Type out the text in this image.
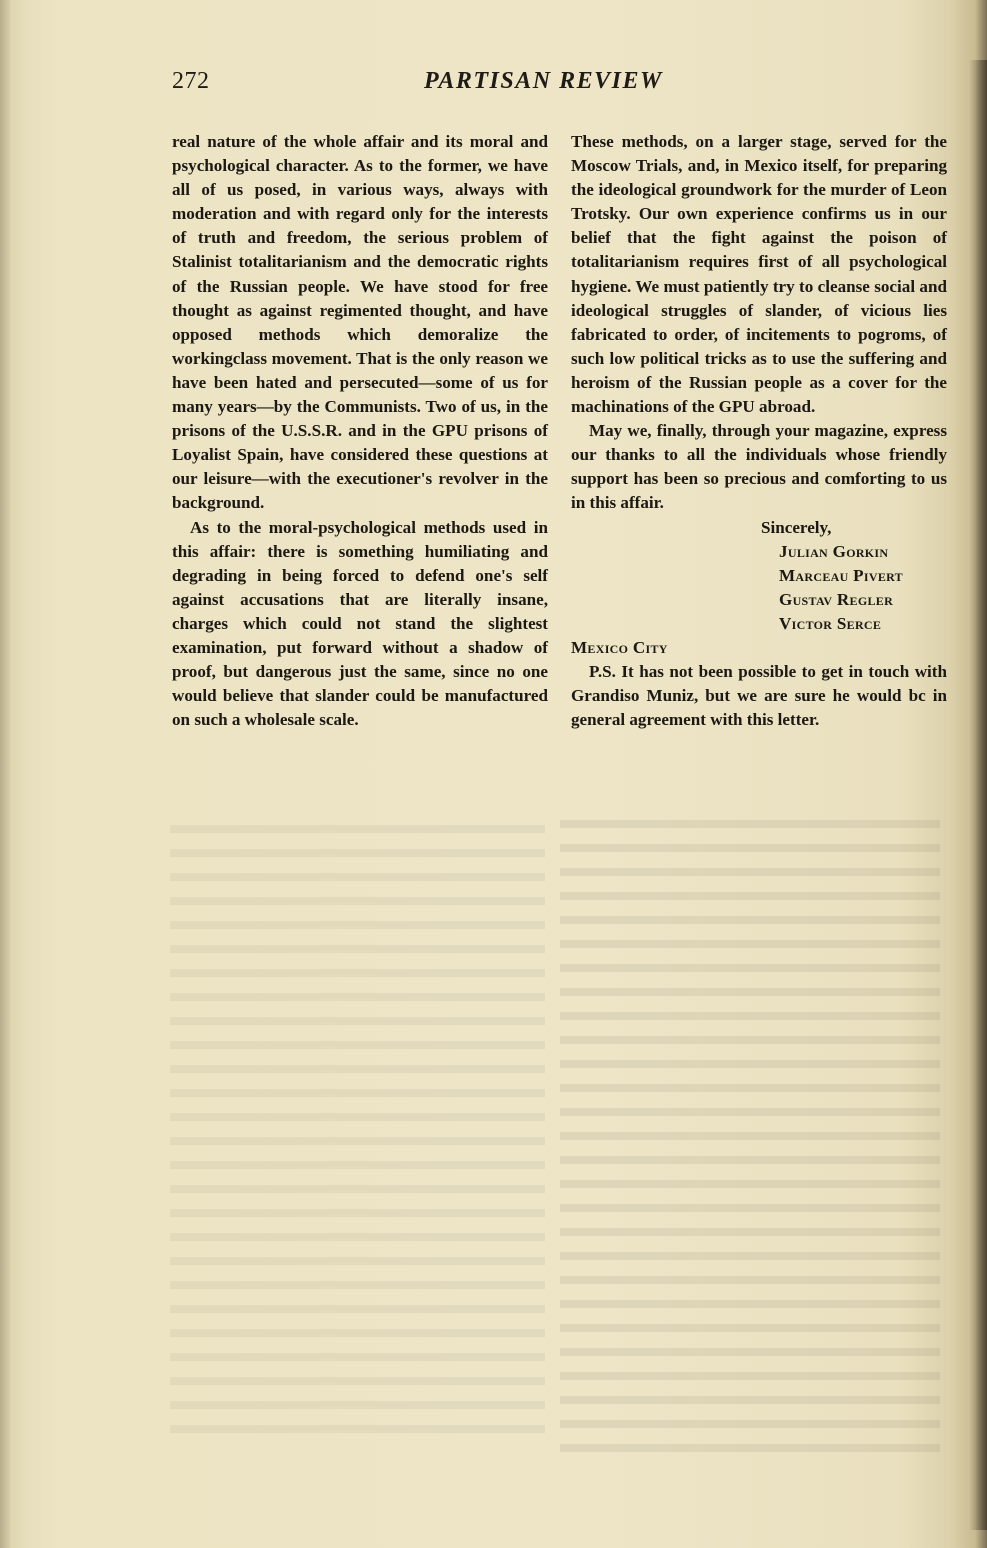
272	PARTISAN REVIEW

real nature of the whole affair and its moral and psychological character. As to the former, we have all of us posed, in various ways, always with moderation and with regard only for the interests of truth and freedom, the serious problem of Stalinist totalitarianism and the democratic rights of the Russian people. We have stood for free thought as against regimented thought, and have opposed methods which demoralize the workingclass movement. That is the only reason we have been hated and persecuted—some of us for many years—by the Communists. Two of us, in the prisons of the U.S.S.R. and in the GPU prisons of Loyalist Spain, have considered these questions at our leisure—with the executioner's revolver in the background.

As to the moral-psychological methods used in this affair: there is something humiliating and degrading in being forced to defend one's self against accusations that are literally insane, charges which could not stand the slightest examination, put forward without a shadow of proof, but dangerous just the same, since no one would believe that slander could be manufactured on such a wholesale scale.

These methods, on a larger stage, served for the Moscow Trials, and, in Mexico itself, for preparing the ideological groundwork for the murder of Leon Trotsky. Our own experience confirms us in our belief that the fight against the poison of totalitarianism requires first of all psychological hygiene. We must patiently try to cleanse social and ideological struggles of slander, of vicious lies fabricated to order, of incitements to pogroms, of such low political tricks as to use the suffering and heroism of the Russian people as a cover for the machinations of the GPU abroad.

May we, finally, through your magazine, express our thanks to all the individuals whose friendly support has been so precious and comforting to us in this affair.

Sincerely,

Julian Gorkin

Marceau Pivert

Gustav Regler

Victor Serce

Mexico City

P.S. It has not been possible to get in touch with Grandiso Muniz, but we are sure he would bc in general agreement with this letter.
